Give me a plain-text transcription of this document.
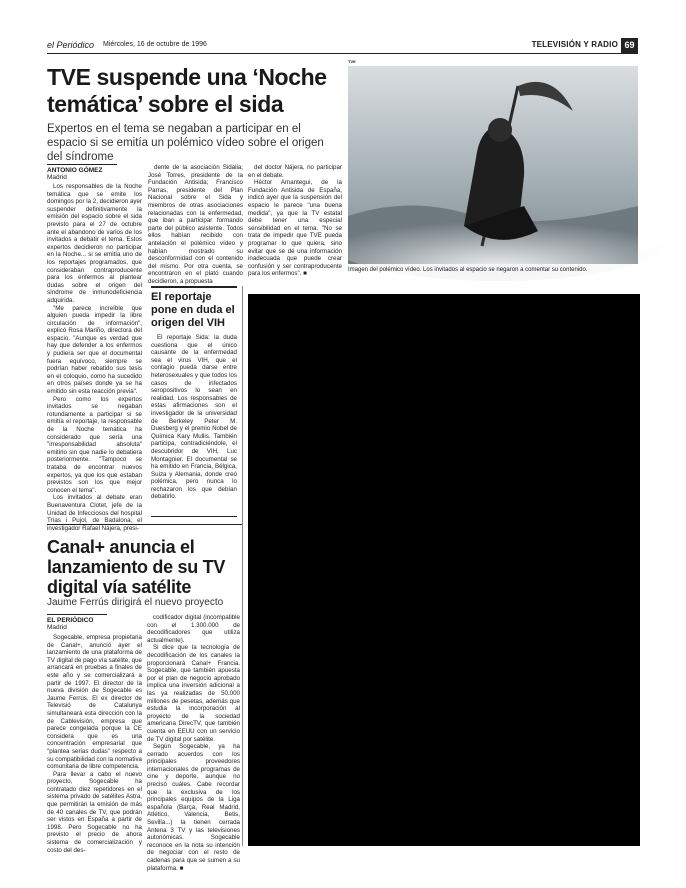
el Periódico Miércoles, 16 de octubre de 1996	TELEVISIÓN Y RADIO 69
TVE suspende una ‘Noche temática’ sobre el sida
Expertos en el tema se negaban a participar en el espacio si se emitía un polémico vídeo sobre el origen del síndrome
TVE
Imagen del polémico vídeo. Los invitados al espacio se negaron a comentar su contenido.
ANTONIO GÓMEZ
Madrid

Los responsables de la Noche temática que se emite los domingos por la 2, decidieron ayer suspender definitivamente la emisión del espacio sobre el sida previsto para el 27 de octubre ante el abandono de varios de los invitados a debatir el tema. Estos expertos decidieron no participar en la Noche... si se emitía uno de los reportajes programados, que consideraban contraproducente para los enfermos al plantear dudas sobre el origen del síndrome de inmunodeficiencia adquirida.

"Me parece increíble que alguien pueda impedir la libre circulación de información", explicó Rosa Mariño, directora del espacio. "Aunque es verdad que hay que defender a los enfermos y pudiera ser que el documental fuera equívoco, siempre se podrían haber rebatido sus tesis en el coloquio, como ha sucedido en otros países donde ya se ha emitido sin esta reacción previa".

Pero como los expertos invitados se negaban rotundamente a participar si se emitía el reportaje, la responsable de la Noche temática ha considerado que sería una "irresponsabilidad absoluta" emitirlo sin que nadie lo debatiera posteriormente. "Tampoco se trataba de encontrar nuevos expertos, ya que los que estaban previstos son los que mejor conocen el tema".

Los invitados al debate eran Buenaventura Clotet, jefe de la Unidad de Infecciosos del hospital Trías i Pujol, de Badalona; el investigador Rafael Nájera, presi-

dente de la asociación Sidalia; José Torres, presidente de la Fundación Antisida; Francisco Parras, presidente del Plan Nacional sobre el Sida y miembros de otras asociaciones relacionadas con la enfermedad, que iban a participar formando parte del público asistente. Todos ellos habían recibido con antelación el polémico vídeo y habían mostrado su desconformidad con el contenido del mismo. Por otra cuenta, se encontraron en el plató cuando decidieron, a propuesta

del doctor Nájera, no participar en el debate.

Héctor Amantegui, de la Fundación Antisida de España, indicó ayer que la suspensión del espacio le parece "una buena medida", ya que la TV estatal debe tener una especial sensibilidad en el tema. "No se trata de impedir que TVE pueda programar lo que quiera, sino evitar que se dé una información inadecuada que puede crear confusión y ser contraproducente para los enfermos". ■

El reportaje pone en duda el origen del VIH

El reportaje Sida: la duda cuestiona que el único causante de la enfermedad sea el virus VIH, que el contagio pueda darse entre heterosexuales y que todos los casos de infectados seropositivos lo sean en realidad. Los responsables de estas afirmaciones son el investigador de la universidad de Berkeley Peter M. Duesberg y el premio Nobel de Química Kary Mullis. También participa, contradiciéndole, el descubridor de VIH, Luc Montagnier. El documental se ha emitido en Francia, Bélgica, Suiza y Alemania, donde creó polémica, pero nunca lo rechazaron los que debían debatirlo.

Canal+ anuncia el lanzamiento de su TV digital vía satélite
Jaume Ferrús dirigirá el nuevo proyecto
EL PERIÓDICO
Madrid

Sogecable, empresa propietaria de Canal+, anunció ayer el lanzamiento de una plataforma de TV digital de pago vía satélite, que arrancará en pruebas a finales de este año y se comercializará a partir de 1997. El director de la nueva división de Sogecable es Jaume Ferrús. El ex director de Televisió de Catalunya simultaneará esta dirección con la de Cablevisión, empresa que parece congelada porque la CE considera que es una concentración empresarial que "plantea serias dudas" respecto a su compatibilidad con la normativa comunitaria de libre competencia.

Para llevar a cabo el nuevo proyecto, Sogecable ha contratado diez repetidores en el sistema privado de satélites Astra, que permitirán la emisión de más de 40 canales de TV, que podrán ser vistos en España a partir de 1998. Pero Sogecable no ha previsto el precio de ahora sistema de comercialización y costo del des-

codificador digital (incompatible con el 1.300.000 de decodificadores que utiliza actualmente).

Si dice que la tecnología de decodificación de los canales la proporcionará Canal+ Francia. Sogecable, que también apuesta por el plan de negocio aprobado implica una inversión adicional a las ya realizadas de 50.000 millones de pesetas, además que estudia la incorporación al proyecto de la sociedad americana DirecTV, que también cuenta en EEUU con un servicio de TV digital por satélite.

Según Sogecable, ya ha cerrado acuerdos con los principales proveedores internacionales de programas de cine y deporte, aunque no precisó cuáles. Cabe recordar que la exclusiva de los principales equipos de la Liga española (Barça, Real Madrid, Atlético, Valencia, Betis, Sevilla...) la tienen cerrada Antena 3 TV y las televisiones autonómicas. Sogecable reconoce en la nota su intención de negociar con el resto de cadenas para que se sumen a su plataforma. ■
